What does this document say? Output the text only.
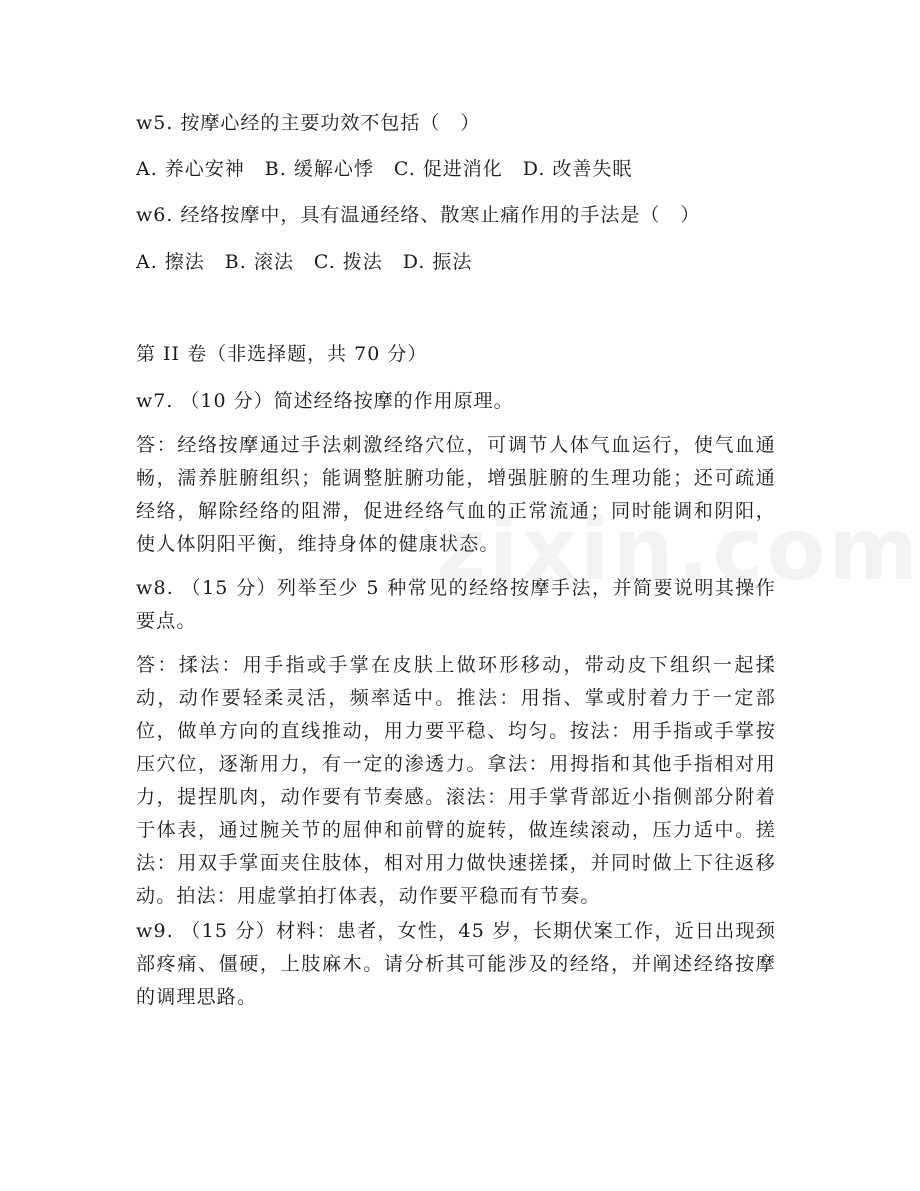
w5. 按摩心经的主要功效不包括（　）
A. 养心安神　B. 缓解心悸　C. 促进消化　D. 改善失眠
w6. 经络按摩中，具有温通经络、散寒止痛作用的手法是（　）
A. 擦法　B. 滚法　C. 拨法　D. 振法
第 II 卷（非选择题，共 70 分）
w7. （10 分）简述经络按摩的作用原理。
答：经络按摩通过手法刺激经络穴位，可调节人体气血运行，使气血通畅，濡养脏腑组织；能调整脏腑功能，增强脏腑的生理功能；还可疏通经络，解除经络的阻滞，促进经络气血的正常流通；同时能调和阴阳，使人体阴阳平衡，维持身体的健康状态。
w8. （15 分）列举至少 5 种常见的经络按摩手法，并简要说明其操作要点。
答：揉法：用手指或手掌在皮肤上做环形移动，带动皮下组织一起揉动，动作要轻柔灵活，频率适中。推法：用指、掌或肘着力于一定部位，做单方向的直线推动，用力要平稳、均匀。按法：用手指或手掌按压穴位，逐渐用力，有一定的渗透力。拿法：用拇指和其他手指相对用力，提捏肌肉，动作要有节奏感。滚法：用手掌背部近小指侧部分附着于体表，通过腕关节的屈伸和前臂的旋转，做连续滚动，压力适中。搓法：用双手掌面夹住肢体，相对用力做快速搓揉，并同时做上下往返移动。拍法：用虚掌拍打体表，动作要平稳而有节奏。
w9. （15 分）材料：患者，女性，45 岁，长期伏案工作，近日出现颈部疼痛、僵硬，上肢麻木。请分析其可能涉及的经络，并阐述经络按摩的调理思路。
